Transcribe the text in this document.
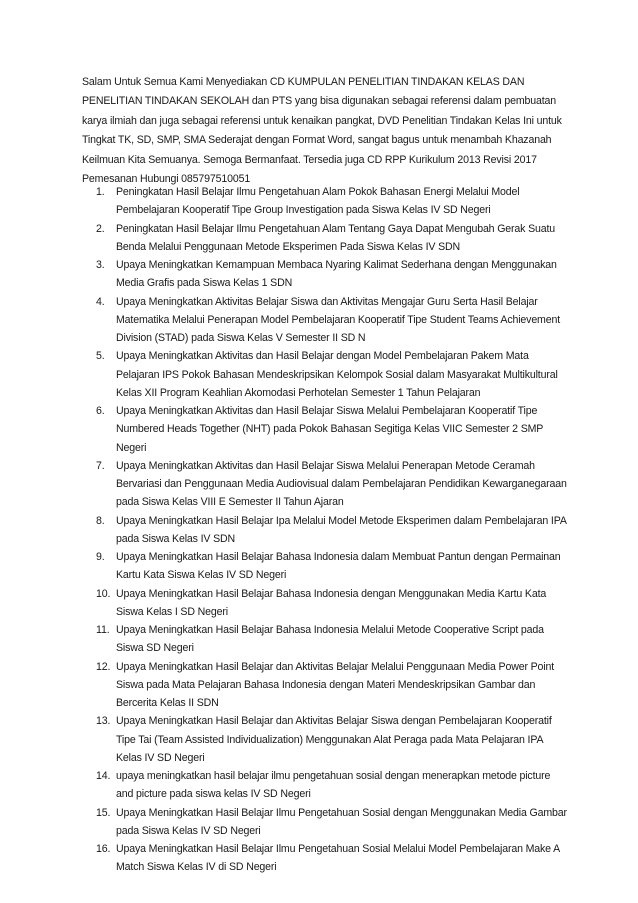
Salam Untuk Semua Kami Menyediakan CD KUMPULAN PENELITIAN TINDAKAN KELAS DAN PENELITIAN TINDAKAN SEKOLAH dan PTS yang bisa digunakan sebagai referensi dalam pembuatan karya ilmiah dan juga sebagai referensi untuk kenaikan pangkat, DVD Penelitian Tindakan Kelas Ini untuk Tingkat TK, SD, SMP, SMA Sederajat dengan Format Word, sangat bagus untuk menambah Khazanah Keilmuan Kita Semuanya. Semoga Bermanfaat. Tersedia juga CD RPP Kurikulum 2013 Revisi 2017 Pemesanan Hubungi 085797510051

1. Peningkatan Hasil Belajar Ilmu Pengetahuan Alam Pokok Bahasan Energi Melalui Model Pembelajaran Kooperatif Tipe Group Investigation pada Siswa Kelas IV SD Negeri
2. Peningkatan Hasil Belajar Ilmu Pengetahuan Alam Tentang Gaya Dapat Mengubah Gerak Suatu Benda Melalui Penggunaan Metode Eksperimen Pada Siswa Kelas IV SDN
3. Upaya Meningkatkan Kemampuan Membaca Nyaring Kalimat Sederhana dengan Menggunakan Media Grafis pada Siswa Kelas 1 SDN
4. Upaya Meningkatkan Aktivitas Belajar Siswa dan Aktivitas Mengajar Guru Serta Hasil Belajar Matematika Melalui Penerapan Model Pembelajaran Kooperatif Tipe Student Teams Achievement Division (STAD) pada Siswa Kelas V Semester II SD N
5. Upaya Meningkatkan Aktivitas dan Hasil Belajar dengan Model Pembelajaran Pakem Mata Pelajaran IPS Pokok Bahasan Mendeskripsikan Kelompok Sosial dalam Masyarakat Multikultural Kelas XII Program Keahlian Akomodasi Perhotelan Semester 1 Tahun Pelajaran
6. Upaya Meningkatkan Aktivitas dan Hasil Belajar Siswa Melalui Pembelajaran Kooperatif Tipe Numbered Heads Together (NHT) pada Pokok Bahasan Segitiga Kelas VIIC Semester 2 SMP Negeri
7. Upaya Meningkatkan Aktivitas dan Hasil Belajar Siswa Melalui Penerapan Metode Ceramah Bervariasi dan Penggunaan Media Audiovisual dalam Pembelajaran Pendidikan Kewarganegaraan pada Siswa Kelas VIII E Semester II Tahun Ajaran
8. Upaya Meningkatkan Hasil Belajar Ipa Melalui Model Metode Eksperimen dalam Pembelajaran IPA pada Siswa Kelas IV SDN
9. Upaya Meningkatkan Hasil Belajar Bahasa Indonesia dalam Membuat Pantun dengan Permainan Kartu Kata Siswa Kelas IV SD Negeri
10. Upaya Meningkatkan Hasil Belajar Bahasa Indonesia dengan Menggunakan Media Kartu Kata Siswa Kelas I SD Negeri
11. Upaya Meningkatkan Hasil Belajar Bahasa Indonesia Melalui Metode Cooperative Script pada Siswa SD Negeri
12. Upaya Meningkatkan Hasil Belajar dan Aktivitas Belajar Melalui Penggunaan Media Power Point Siswa pada Mata Pelajaran Bahasa Indonesia dengan Materi Mendeskripsikan Gambar dan Bercerita Kelas II SDN
13. Upaya Meningkatkan Hasil Belajar dan Aktivitas Belajar Siswa dengan Pembelajaran Kooperatif Tipe Tai (Team Assisted Individualization) Menggunakan Alat Peraga pada Mata Pelajaran IPA Kelas IV SD Negeri
14. upaya meningkatkan hasil belajar ilmu pengetahuan sosial dengan menerapkan metode picture and picture pada siswa kelas IV SD Negeri
15. Upaya Meningkatkan Hasil Belajar Ilmu Pengetahuan Sosial dengan Menggunakan Media Gambar pada Siswa Kelas IV SD Negeri
16. Upaya Meningkatkan Hasil Belajar Ilmu Pengetahuan Sosial Melalui Model Pembelajaran Make A Match Siswa Kelas IV di SD Negeri
